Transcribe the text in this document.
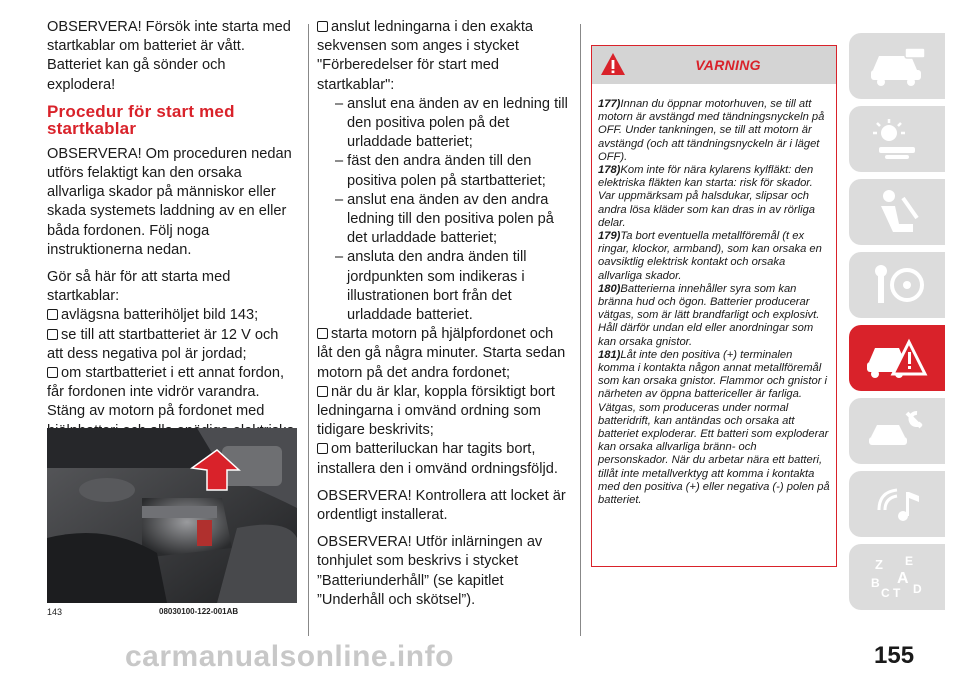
OBSERVERA! Försök inte starta med startkablar om batteriet är vått. Batteriet kan gå sönder och explodera!

Procedur för start med startkablar

OBSERVERA! Om proceduren nedan utförs felaktigt kan den orsaka allvarliga skador på människor eller skada systemets laddning av en eller båda fordonen. Följ noga instruktionerna nedan.

Gör så här för att starta med startkablar:

avlägsna batterihöljet bild 143;

se till att startbatteriet är 12 V och att dess negativa pol är jordad;

om startbatteriet i ett annat fordon, får fordonen inte vidrör varandra. Stäng av motorn på fordonet med

143	08030100-122-001AB

anslut ledningarna i den exakta sekvensen som anges i stycket "Förberedelser för start med startkablar":

– anslut ena änden av en ledning till den positiva polen på det urladdade batteriet;

– fäst den andra änden till den positiva polen på startbatteriet;

– anslut ena änden av den andra ledning till den positiva polen på det urladdade batteriet;

– ansluta den andra änden till jordpunkten som indikeras i illustrationen bort från det urladdade batteriet.

starta motorn på hjälpfordonet och låt den gå några minuter. Starta sedan motorn på det andra fordonet;

när du är klar, koppla försiktigt bort ledningarna i omvänd ordning som tidigare beskrivits;

om batteriluckan har tagits bort, installera den i omvänd ordningsföljd.

OBSERVERA! Kontrollera att locket är ordentligt installerat.

OBSERVERA! Utför inlärningen av tonhjulet som beskrivs i stycket ”Batteriunderhåll” (se kapitlet ”Underhåll och skötsel”).

VARNING

177)Innan du öppnar motorhuven, se till att motorn är avstängd med tändningsnyckeln på OFF. Under tankningen, se till att motorn är avstängd (och att tändningsnyckeln är i läget OFF).

178)Kom inte för nära kylarens kylfläkt: den elektriska fläkten kan starta: risk för skador. Var uppmärksam på halsdukar, slipsar och andra lösa kläder som kan dras in av rörliga delar.

179)Ta bort eventuella metallföremål (t ex ringar, klockor, armband), som kan orsaka en oavsiktlig elektrisk kontakt och orsaka allvarliga skador.

180)Batterierna innehåller syra som kan bränna hud och ögon. Batterier producerar vätgas, som är lätt brandfarligt och explosivt. Håll därför undan eld eller anordningar som kan orsaka gnistor.

181)Låt inte den positiva (+) terminalen komma i kontakta någon annat metallföremål som kan orsaka gnistor. Flammor och gnistor i närheten av öppna battericeller är farliga. Vätgas, som produceras under normal batteridrift, kan antändas och orsaka att batteriet exploderar. Ett batteri som exploderar kan orsaka allvarliga bränn- och personskador. När du arbetar nära ett batteri, tillåt inte metallverktyg att komma i kontakta med den positiva (+) eller negativa (-) polen på batteriet.

Z E
A
B
C T D
carmanualsonline.info	155
